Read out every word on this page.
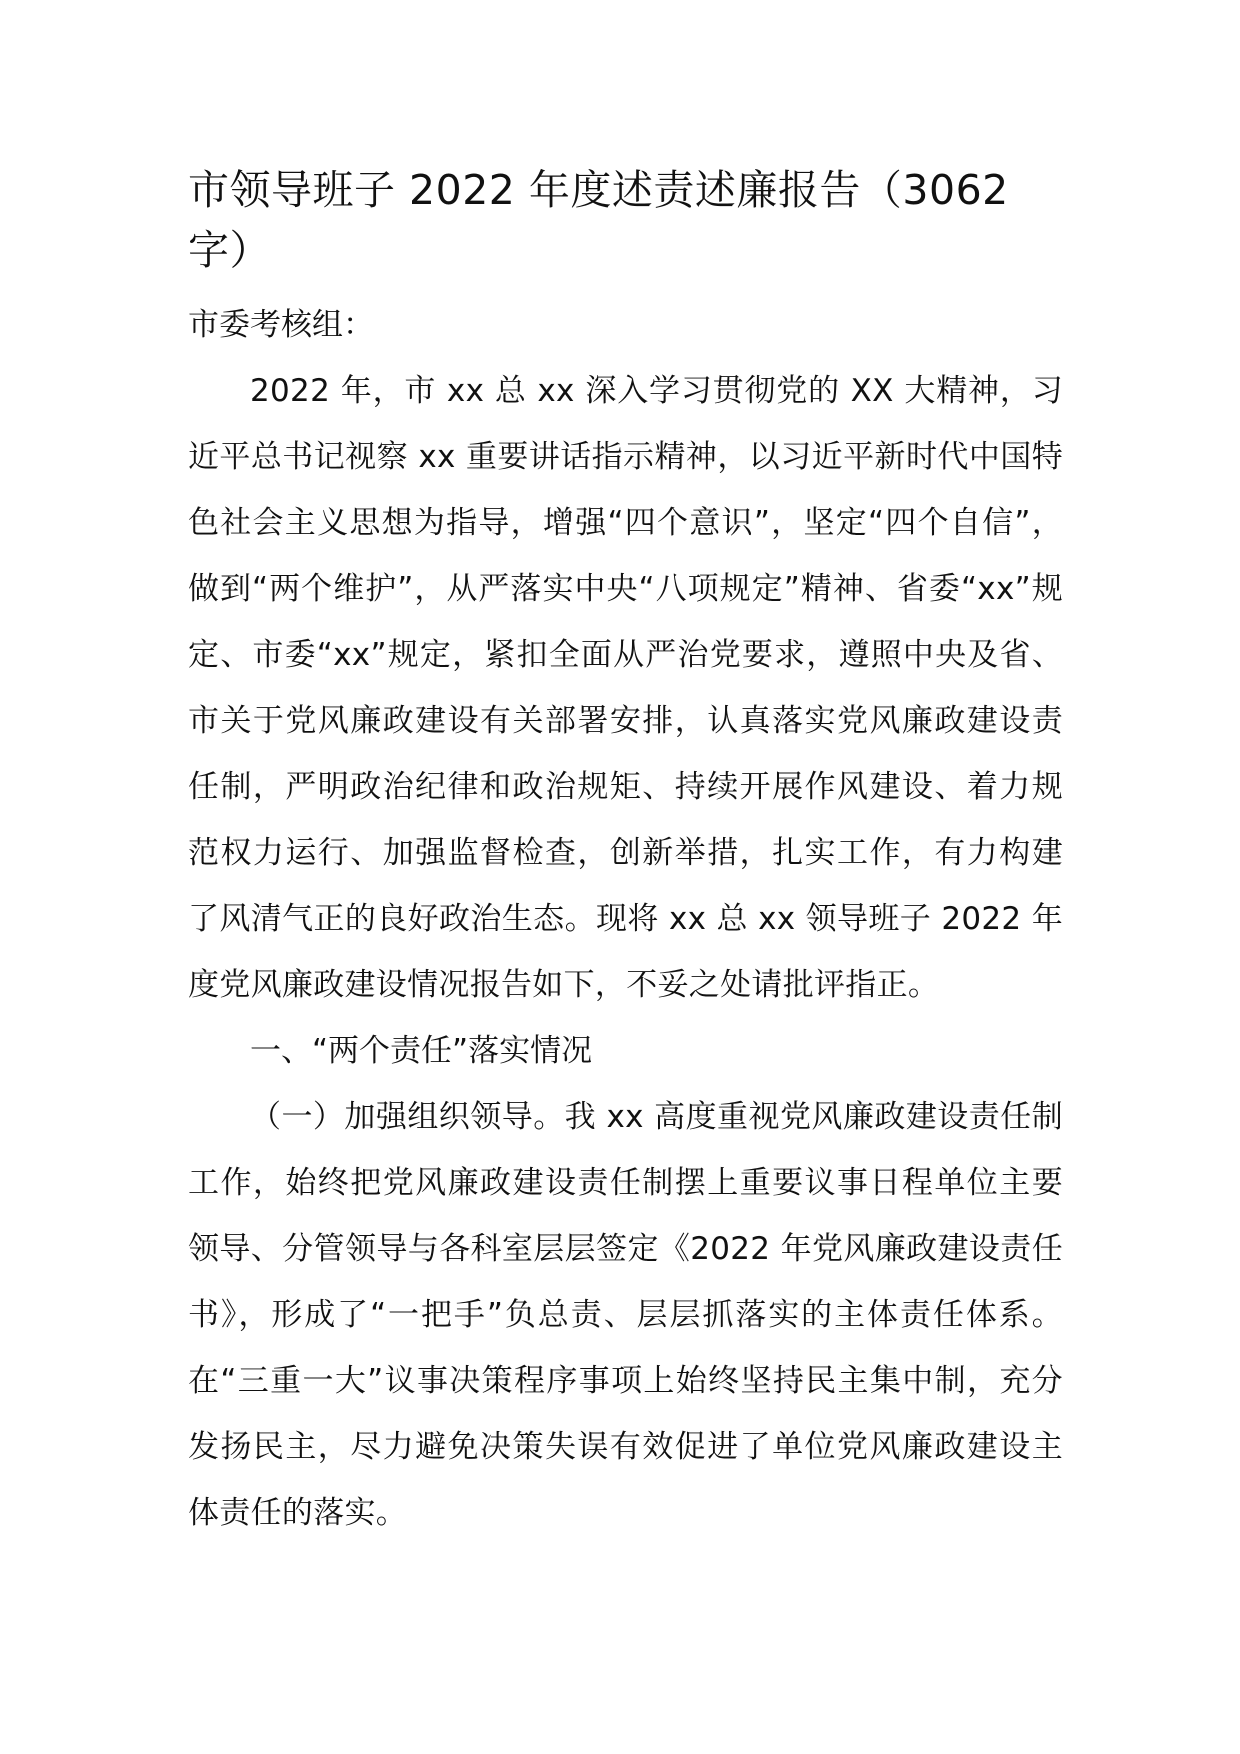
市领导班子 2022 年度述责述廉报告（3062 字）

市委考核组：

2022 年，市 xx 总 xx 深入学习贯彻党的 XX 大精神，习近平总书记视察 xx 重要讲话指示精神，以习近平新时代中国特色社会主义思想为指导，增强“四个意识”，坚定“四个自信”，做到“两个维护”，从严落实中央“八项规定”精神、省委“xx”规定、市委“xx”规定，紧扣全面从严治党要求，遵照中央及省、市关于党风廉政建设有关部署安排，认真落实党风廉政建设责任制，严明政治纪律和政治规矩、持续开展作风建设、着力规范权力运行、加强监督检查，创新举措，扎实工作，有力构建了风清气正的良好政治生态。现将 xx 总 xx 领导班子 2022 年度党风廉政建设情况报告如下，不妥之处请批评指正。

一、“两个责任”落实情况

（一）加强组织领导。我 xx 高度重视党风廉政建设责任制工作，始终把党风廉政建设责任制摆上重要议事日程单位主要领导、分管领导与各科室层层签定《2022 年党风廉政建设责任书》，形成了“一把手”负总责、层层抓落实的主体责任体系。在“三重一大”议事决策程序事项上始终坚持民主集中制，充分发扬民主，尽力避免决策失误有效促进了单位党风廉政建设主体责任的落实。
